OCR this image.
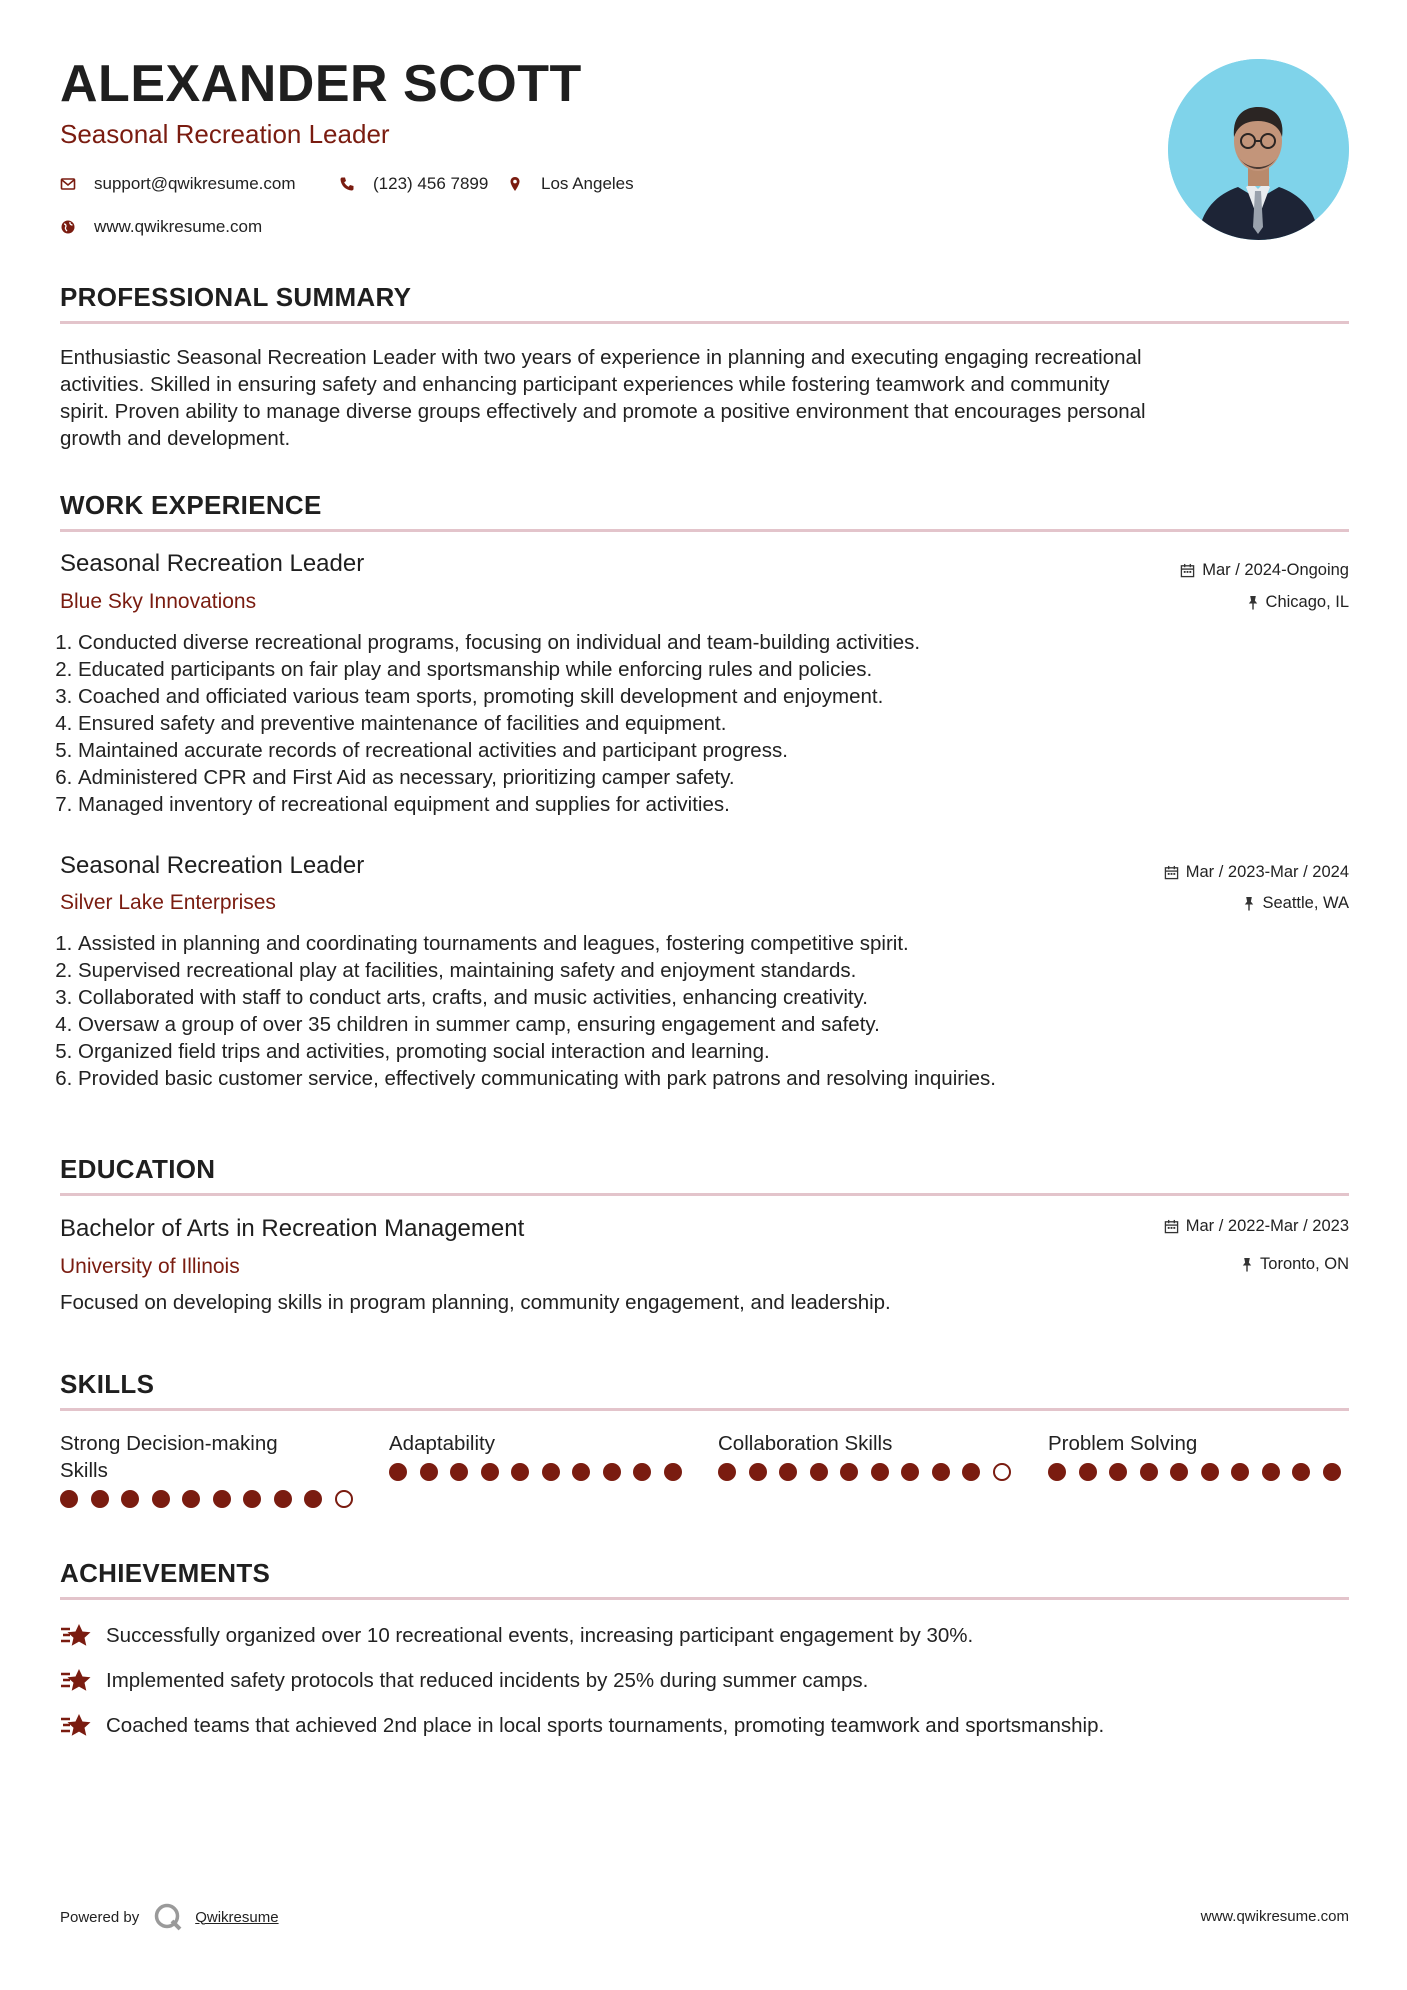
ALEXANDER SCOTT
Seasonal Recreation Leader
support@qwikresume.com	(123) 456 7899	Los Angeles
www.qwikresume.com
PROFESSIONAL SUMMARY
Enthusiastic Seasonal Recreation Leader with two years of experience in planning and executing engaging recreational
activities. Skilled in ensuring safety and enhancing participant experiences while fostering teamwork and community
spirit. Proven ability to manage diverse groups effectively and promote a positive environment that encourages personal
growth and development.
WORK EXPERIENCE
Seasonal Recreation Leader
Blue Sky Innovations
Mar / 2024-Ongoing
Chicago, IL
1. Conducted diverse recreational programs, focusing on individual and team-building activities.
2. Educated participants on fair play and sportsmanship while enforcing rules and policies.
3. Coached and officiated various team sports, promoting skill development and enjoyment.
4. Ensured safety and preventive maintenance of facilities and equipment.
5. Maintained accurate records of recreational activities and participant progress.
6. Administered CPR and First Aid as necessary, prioritizing camper safety.
7. Managed inventory of recreational equipment and supplies for activities.
Seasonal Recreation Leader
Silver Lake Enterprises
Mar / 2023-Mar / 2024
Seattle, WA
1. Assisted in planning and coordinating tournaments and leagues, fostering competitive spirit.
2. Supervised recreational play at facilities, maintaining safety and enjoyment standards.
3. Collaborated with staff to conduct arts, crafts, and music activities, enhancing creativity.
4. Oversaw a group of over 35 children in summer camp, ensuring engagement and safety.
5. Organized field trips and activities, promoting social interaction and learning.
6. Provided basic customer service, effectively communicating with park patrons and resolving inquiries.
EDUCATION
Bachelor of Arts in Recreation Management
University of Illinois
Mar / 2022-Mar / 2023
Toronto, ON
Focused on developing skills in program planning, community engagement, and leadership.
SKILLS
Strong Decision-making Skills
Adaptability	Collaboration Skills	Problem Solving
ACHIEVEMENTS
Successfully organized over 10 recreational events, increasing participant engagement by 30%.
Implemented safety protocols that reduced incidents by 25% during summer camps.
Coached teams that achieved 2nd place in local sports tournaments, promoting teamwork and sportsmanship.
Powered by	Qwikresume	www.qwikresume.com
